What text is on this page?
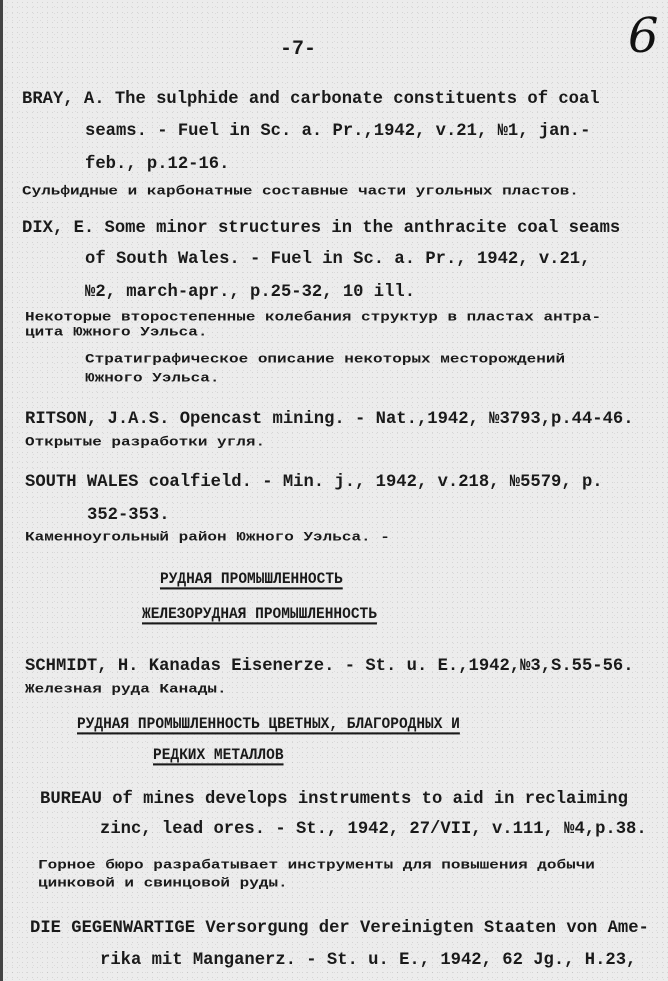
-7-	6
BRAY, A. The sulphide and carbonate constituents of coal
seams. - Fuel in Sc. a. Pr.,1942, v.21, №1, jan.-
feb., p.12-16.
Сульфидные и карбонатные составные части угольных пластов.
DIX, E. Some minor structures in the anthracite coal seams
of South Wales. - Fuel in Sc. a. Pr., 1942, v.21,
№2, march-apr., p.25-32, 10 ill.
Некоторые второстепенные колебания структур в пластах антра-
цита Южного Уэльса.
Стратиграфическое описание некоторых месторождений
Южного Уэльса.
RITSON, J.A.S. Opencast mining. - Nat.,1942, №3793,p.44-46.
Открытые разработки угля.
SOUTH WALES coalfield. - Min. j., 1942, v.218, №5579, p.
352-353.
Каменноугольный район Южного Уэльса. -
РУДНАЯ ПРОМЫШЛЕННОСТЬ
ЖЕЛЕЗОРУДНАЯ ПРОМЫШЛЕННОСТЬ
SCHMIDT, H. Kanadas Eisenerze. - St. u. E.,1942,№3,S.55-56.
Железная руда Канады.
РУДНАЯ ПРОМЫШЛЕННОСТЬ ЦВЕТНЫХ, БЛАГОРОДНЫХ И
РЕДКИХ МЕТАЛЛОВ
BUREAU of mines develops instruments to aid in reclaiming
zinc, lead ores. - St., 1942, 27/VII, v.111, №4,p.38.
Горное бюро разрабатывает инструменты для повышения добычи
цинковой и свинцовой руды.
DIE GEGENWARTIGE Versorgung der Vereinigten Staaten von Ame-
rika mit Manganerz. - St. u. E., 1942, 62 Jg., H.23,
